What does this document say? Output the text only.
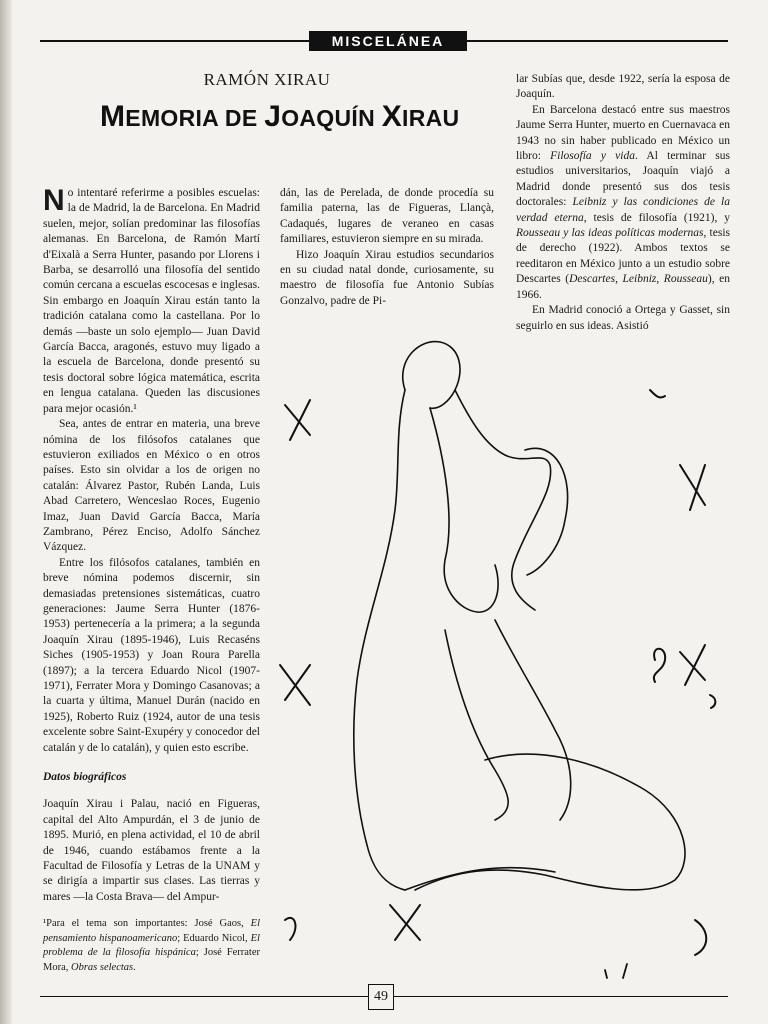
MISCELÁNEA
RAMÓN XIRAU
MEMORIA DE JOAQUÍN XIRAU

No intentaré referirme a posibles escuelas: la de Madrid, la de Barcelona. En Madrid suelen, mejor, solían predominar las filosofías alemanas. En Barcelona, de Ramón Martí d'Eixalà a Serra Hunter, pasando por Llorens i Barba, se desarrolló una filosofía del sentido común cercana a escuelas escocesas e inglesas. Sin embargo en Joaquín Xirau están tanto la tradición catalana como la castellana. Por lo demás —baste un solo ejemplo— Juan David García Bacca, aragonés, estuvo muy ligado a la escuela de Barcelona, donde presentó su tesis doctoral sobre lógica matemática, escrita en lengua catalana. Queden las discusiones para mejor ocasión.¹

Sea, antes de entrar en materia, una breve nómina de los filósofos catalanes que estuvieron exiliados en México o en otros países. Esto sin olvidar a los de origen no catalán: Álvarez Pastor, Rubén Landa, Luis Abad Carretero, Wenceslao Roces, Eugenio Imaz, Juan David García Bacca, María Zambrano, Pérez Enciso, Adolfo Sánchez Vázquez.

Entre los filósofos catalanes, también en breve nómina podemos discernir, sin demasiadas pretensiones sistemáticas, cuatro generaciones: Jaume Serra Hunter (1876-1953) pertenecería a la primera; a la segunda Joaquín Xirau (1895-1946), Luis Recaséns Siches (1905-1953) y Joan Roura Parella (1897); a la tercera Eduardo Nicol (1907-1971), Ferrater Mora y Domingo Casanovas; a la cuarta y última, Manuel Durán (nacido en 1925), Roberto Ruiz (1924, autor de una tesis excelente sobre Saint-Exupéry y conocedor del catalán y de lo catalán), y quien esto escribe.

Datos biográficos

Joaquín Xirau i Palau, nació en Figueras, capital del Alto Ampurdán, el 3 de junio de 1895. Murió, en plena actividad, el 10 de abril de 1946, cuando estábamos frente a la Facultad de Filosofía y Letras de la UNAM y se dirigía a impartir sus clases. Las tierras y mares —la Costa Brava— del Ampur-

¹Para el tema son importantes: José Gaos, El pensamiento hispanoamericano; Eduardo Nicol, El problema de la filosofía hispánica; José Ferrater Mora, Obras selectas.

dán, las de Perelada, de donde procedía su familia paterna, las de Figueras, Llançà, Cadaqués, lugares de veraneo en casas familiares, estuvieron siempre en su mirada.

Hizo Joaquín Xirau estudios secundarios en su ciudad natal donde, curiosamente, su maestro de filosofía fue Antonio Subías Gonzalvo, padre de Pi-

lar Subías que, desde 1922, sería la esposa de Joaquín.

En Barcelona destacó entre sus maestros Jaume Serra Hunter, muerto en Cuernavaca en 1943 no sin haber publicado en México un libro: Filosofía y vida. Al terminar sus estudios universitarios, Joaquín viajó a Madrid donde presentó sus dos tesis doctorales: Leibniz y las condiciones de la verdad eterna, tesis de filosofía (1921), y Rousseau y las ideas políticas modernas, tesis de derecho (1922). Ambos textos se reeditaron en México junto a un estudio sobre Descartes (Descartes, Leibniz, Rousseau), en 1966.

En Madrid conoció a Ortega y Gasset, sin seguirlo en sus ideas. Asistió

49
